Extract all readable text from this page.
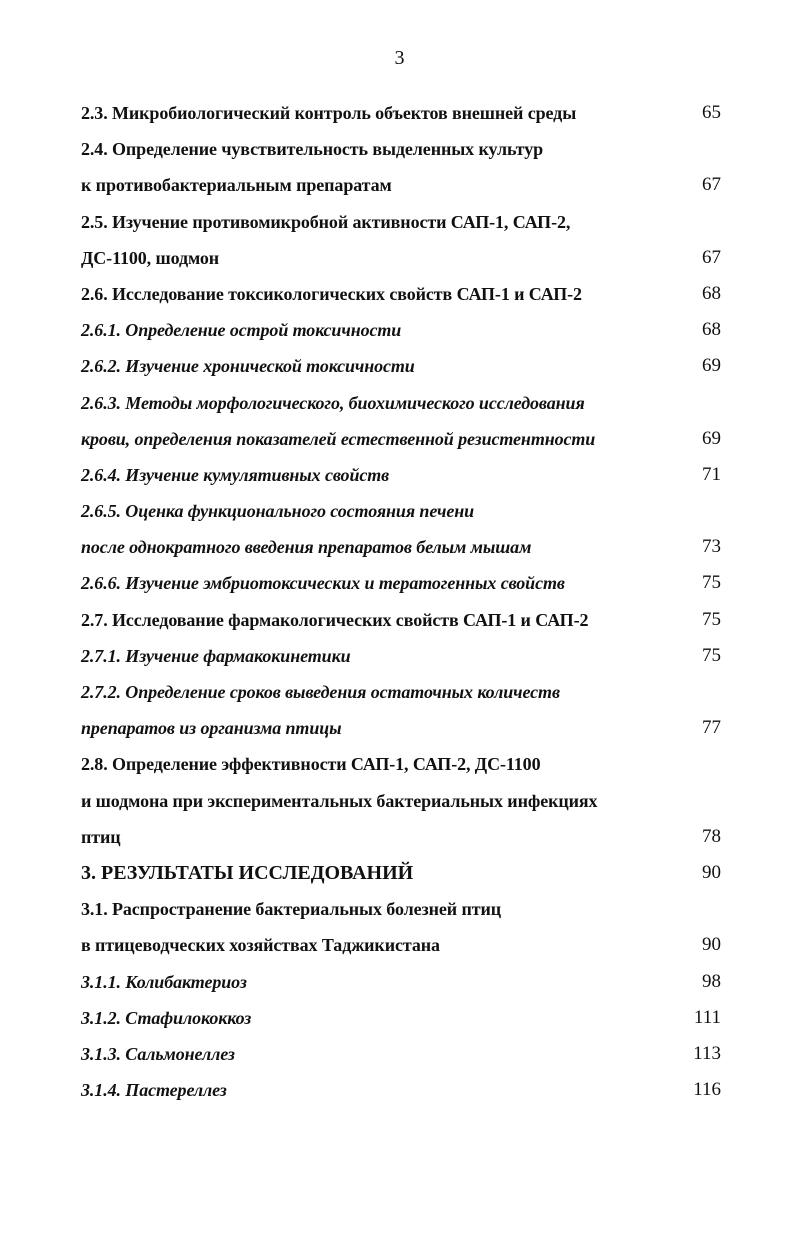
3
2.3. Микробиологический контроль объектов внешней среды	65
2.4. Определение чувствительность выделенных культур
к противобактериальным препаратам	67
2.5. Изучение противомикробной активности САП-1, САП-2,
ДС-1100, шодмон	67
2.6. Исследование токсикологических свойств САП-1 и САП-2	68
2.6.1. Определение острой токсичности	68
2.6.2. Изучение хронической токсичности	69
2.6.3. Методы морфологического, биохимического исследования
крови, определения показателей естественной резистентности	69
2.6.4. Изучение кумулятивных свойств	71
2.6.5. Оценка функционального состояния печени
после однократного введения препаратов белым мышам	73
2.6.6. Изучение эмбриотоксических и тератогенных свойств	75
2.7. Исследование фармакологических свойств САП-1 и САП-2	75
2.7.1. Изучение фармакокинетики	75
2.7.2. Определение сроков выведения остаточных количеств
препаратов из организма птицы	77
2.8. Определение эффективности САП-1, САП-2, ДС-1100
и шодмона при экспериментальных бактериальных инфекциях
птиц	78
3. РЕЗУЛЬТАТЫ ИССЛЕДОВАНИЙ	90
3.1. Распространение бактериальных болезней птиц
в птицеводческих хозяйствах Таджикистана	90
3.1.1. Колибактериоз	98
3.1.2. Стафилококкоз	111
3.1.3. Сальмонеллез	113
3.1.4. Пастереллез	116
